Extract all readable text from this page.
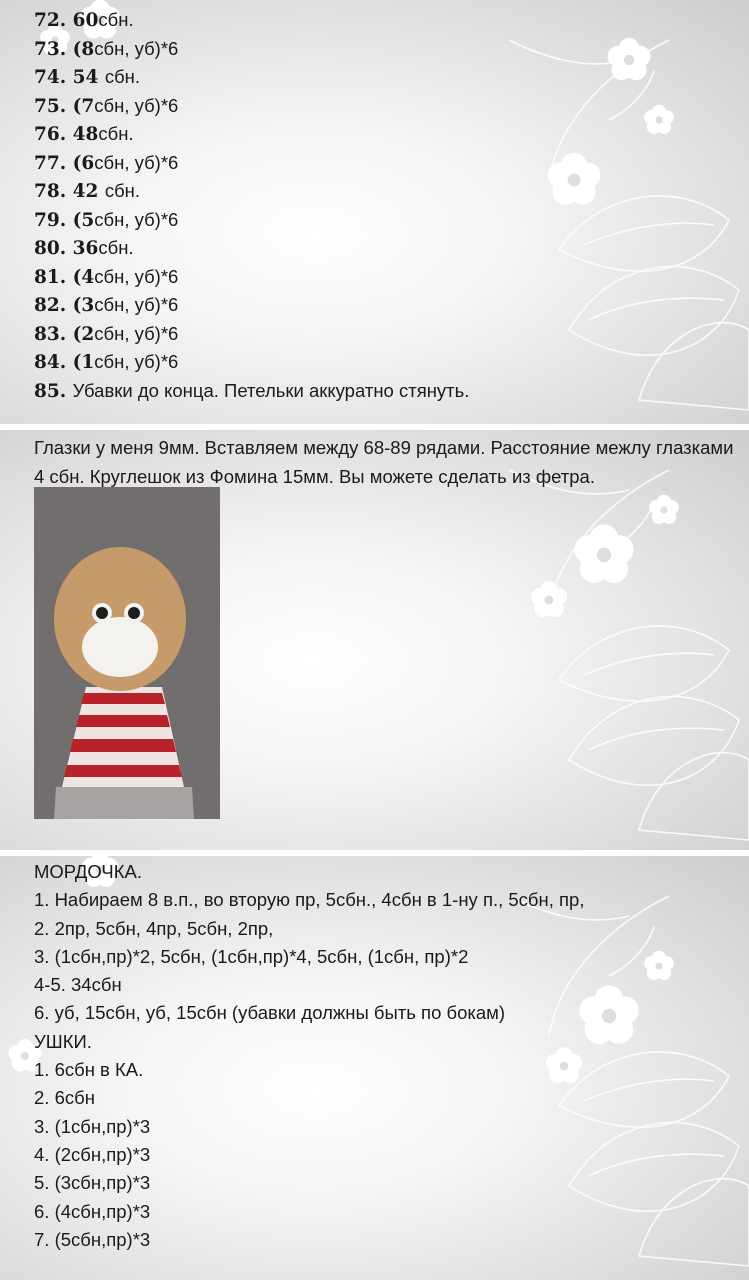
72. 60сбн.
73. (8сбн, уб)*6
74. 54 сбн.
75. (7сбн, уб)*6
76. 48сбн.
77. (6сбн, уб)*6
78. 42 сбн.
79. (5сбн, уб)*6
80. 36сбн.
81. (4сбн, уб)*6
82. (3сбн, уб)*6
83. (2сбн, уб)*6
84. (1сбн, уб)*6
85. Убавки до конца. Петельки аккуратно стянуть.
Глазки у меня 9мм. Вставляем между 68-89 рядами. Расстояние межлу глазками 4 сбн. Круглешок из Фомина 15мм. Вы можете сделать из фетра.
МОРДОЧКА.
1. Набираем 8 в.п., во вторую пр, 5сбн., 4сбн в 1-ну п., 5сбн, пр,
2. 2пр, 5сбн, 4пр, 5сбн, 2пр,
3. (1сбн,пр)*2, 5сбн, (1сбн,пр)*4, 5сбн, (1сбн, пр)*2
4-5. 34сбн
6. уб, 15сбн, уб, 15сбн (убавки должны быть по бокам)
УШКИ.
1. 6сбн в КА.
2. 6сбн
3. (1сбн,пр)*3
4. (2сбн,пр)*3
5. (3сбн,пр)*3
6. (4сбн,пр)*3
7. (5сбн,пр)*3
